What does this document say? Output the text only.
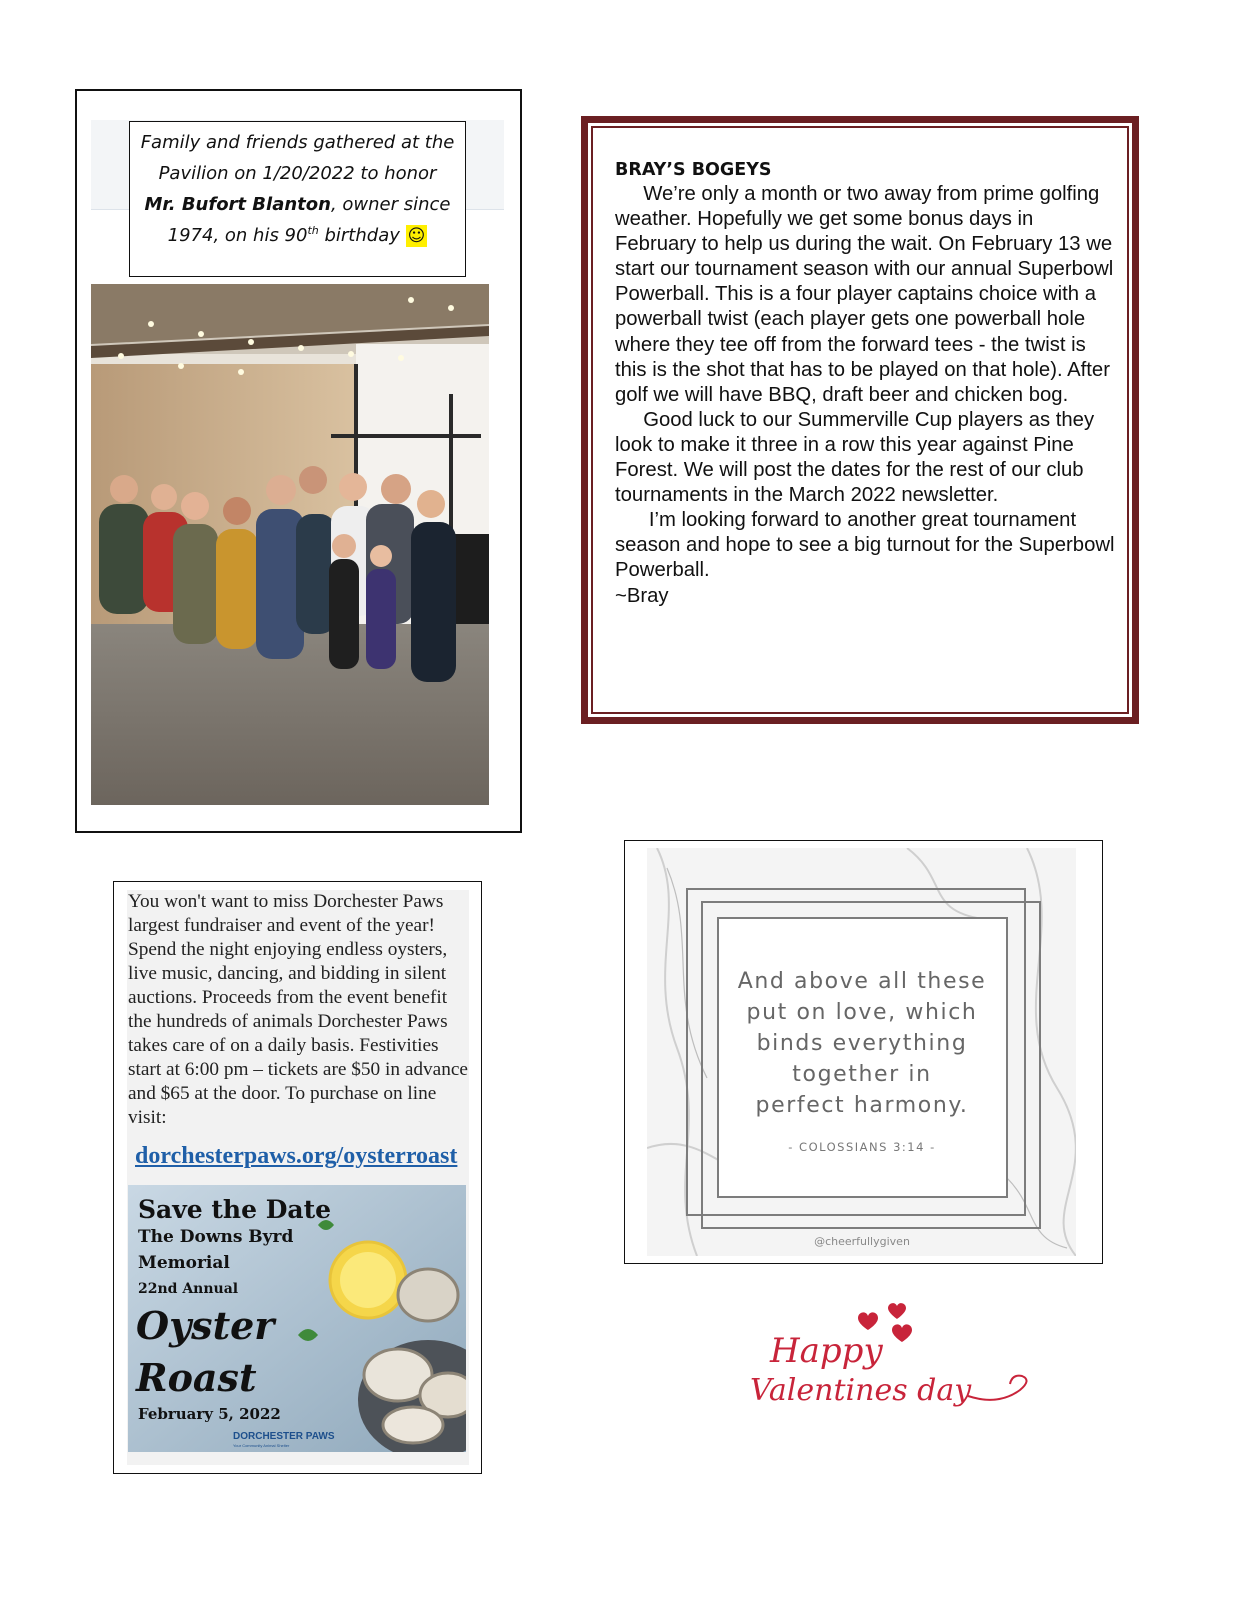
Family and friends gathered at the
Pavilion on 1/20/2022 to honor
Mr. Bufort Blanton, owner since
1974, on his 90th birthday ☺

BRAY’S BOGEYS

We’re only a month or two away from prime golfing weather. Hopefully we get some bonus days in February to help us during the wait. On February 13 we start our tournament season with our annual Superbowl Powerball. This is a four player captains choice with a powerball twist (each player gets one powerball hole where they tee off from the forward tees - the twist is this is the shot that has to be played on that hole). After golf we will have BBQ, draft beer and chicken bog.

Good luck to our Summerville Cup players as they look to make it three in a row this year against Pine Forest. We will post the dates for the rest of our club tournaments in the March 2022 newsletter.

I’m looking forward to another great tournament season and hope to see a big turnout for the Superbowl Powerball.

~Bray

You won't want to miss Dorchester Paws largest fundraiser and event of the year! Spend the night enjoying endless oysters, live music, dancing, and bidding in silent auctions. Proceeds from the event benefit the hundreds of animals Dorchester Paws takes care of on a daily basis. Festivities start at 6:00 pm – tickets are $50 in advance and $65 at the door. To purchase on line visit:
dorchesterpaws.org/oysterroast
Save the Date
The Downs Byrd
Memorial
22nd Annual
Oyster
Roast
February 5, 2022
DORCHESTER PAWS
Your Community Animal Shelter
And above all these
put on love, which
binds everything
together in
perfect harmony.
- COLOSSIANS 3:14 -
@cheerfullygiven
Happy
Valentines day
